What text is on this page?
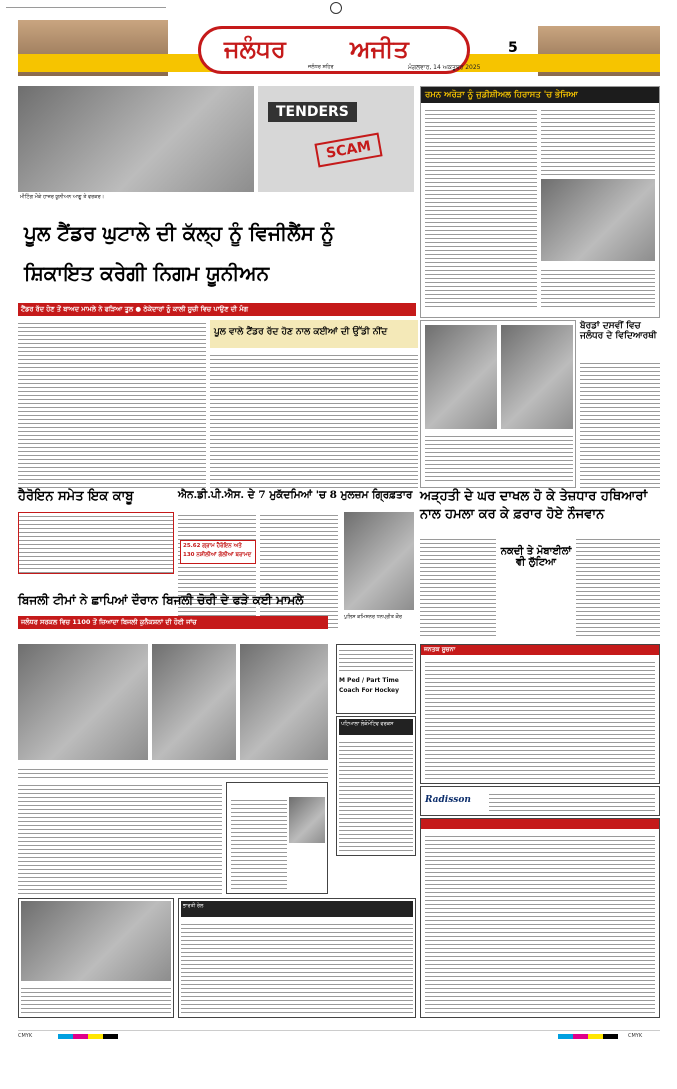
ਜਲੰਧਰ	ਅਜੀਤ
ਜਲੰਧਰ ਸ਼ਹਿਰ	ਮੰਗਲਵਾਰ, 14 ਅਕਤੂਬਰ 2025
5
ਮੀਟਿੰਗ ਮੌਕੇ ਹਾਜ਼ਰ ਯੂਨੀਅਨ ਆਗੂ ਤੇ ਵਰਕਰ।
TENDERS
SCAM
ਪੂਲ ਟੈਂਡਰ ਘੁਟਾਲੇ ਦੀ ਕੱਲ੍ਹ ਨੂੰ ਵਿਜੀਲੈਂਸ ਨੂੰ
ਸ਼ਿਕਾਇਤ ਕਰੇਗੀ ਨਿਗਮ ਯੂਨੀਅਨ
ਟੈਂਡਰ ਰੱਦ ਹੋਣ ਤੋਂ ਬਾਅਦ ਮਾਮਲੇ ਨੇ ਫੜਿਆ ਤੂਲ ● ਠੇਕੇਦਾਰਾਂ ਨੂੰ ਕਾਲੀ ਸੂਚੀ ਵਿਚ ਪਾਉਣ ਦੀ ਮੰਗ
ਪੂਲ ਵਾਲੇ ਟੈਂਡਰ ਰੱਦ ਹੋਣ ਨਾਲ ਕਈਆਂ ਦੀ ਉੱਡੀ ਨੀਂਦ
ਰਮਨ ਅਰੋੜਾ ਨੂੰ ਜੁਡੀਸ਼ੀਅਲ ਹਿਰਾਸਤ 'ਚ ਭੇਜਿਆ
ਬੋਰਡਾਂ ਦਸਵੀਂ ਵਿਚ ਜਲੰਧਰ ਦੇ ਵਿਦਿਆਰਥੀ
ਹੈਰੋਇਨ ਸਮੇਤ ਇਕ ਕਾਬੂ	ਐਨ.ਡੀ.ਪੀ.ਐਸ. ਦੇ 7 ਮੁਕੱਦਮਿਆਂ 'ਚ 8 ਮੁਲਜ਼ਮ ਗ੍ਰਿਫ਼ਤਾਰ
25.62 ਗ੍ਰਾਮ ਹੈਰੋਇਨ ਅਤੇ
130 ਨਸ਼ੀਲੀਆਂ ਗੋਲੀਆਂ ਬਰਾਮਦ
ਪੁਲਿਸ ਕਮਿਸ਼ਨਰ ਧਨਪ੍ਰੀਤ ਕੌਰ
ਅੜ੍ਹਤੀ ਦੇ ਘਰ ਦਾਖਲ ਹੋ ਕੇ ਤੇਜ਼ਧਾਰ ਹਥਿਆਰਾਂ
ਨਾਲ ਹਮਲਾ ਕਰ ਕੇ ਫ਼ਰਾਰ ਹੋਏ ਨੌਜਵਾਨ
ਨਕਦੀ ਤੇ ਮੋਬਾਈਲਾਂ ਵੀ ਲੁੱਟਿਆ
ਬਿਜਲੀ ਟੀਮਾਂ ਨੇ ਛਾਪਿਆਂ ਦੌਰਾਨ ਬਿਜਲੀ ਚੋਰੀ ਦੇ ਫੜੇ ਕਈ ਮਾਮਲੇ
ਜਲੰਧਰ ਸਰਕਲ ਵਿਚ 1100 ਤੋਂ ਜ਼ਿਆਦਾ ਬਿਜਲੀ ਕੁਨੈਕਸ਼ਨਾਂ ਦੀ ਹੋਈ ਜਾਂਚ
M Ped / Part Time
Coach For Hockey
ਪਟਿਆਲਾ ਲੋਕੋਮੋਟਿਵ ਵਰਕਸ
ਭਾਰਤੀ ਰੇਲ
ਜਨਤਕ ਸੂਚਨਾ
Radisson
CMYK	CMYK
